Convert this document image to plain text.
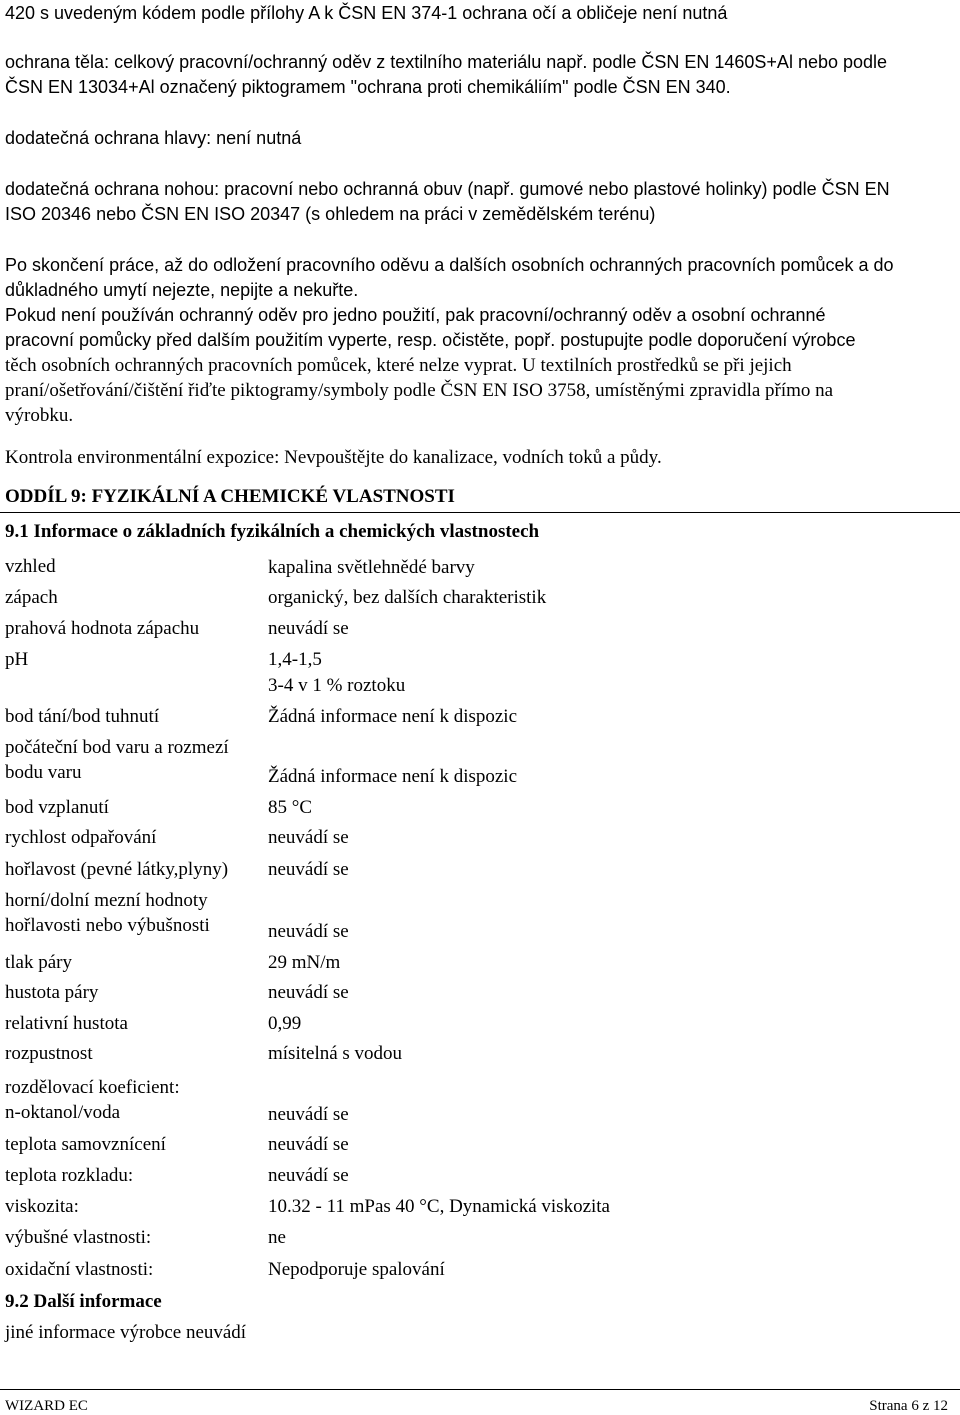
420 s uvedeným kódem podle přílohy A k ČSN EN 374-1 ochrana očí a obličeje není nutná
ochrana těla: celkový pracovní/ochranný oděv z textilního materiálu např. podle ČSN EN 1460S+Al nebo podle
ČSN EN 13034+Al označený piktogramem "ochrana proti chemikáliím" podle ČSN EN 340.
dodatečná ochrana hlavy: není nutná
dodatečná ochrana nohou: pracovní nebo ochranná obuv (např. gumové nebo plastové holinky) podle ČSN EN
ISO 20346 nebo ČSN EN ISO 20347 (s ohledem na práci v zemědělském terénu)
Po skončení práce, až do odložení pracovního oděvu a dalších osobních ochranných pracovních pomůcek a do
důkladného umytí nejezte, nepijte a nekuřte.
Pokud není používán ochranný oděv pro jedno použití, pak pracovní/ochranný oděv a osobní ochranné
pracovní pomůcky před dalším použitím vyperte, resp. očistěte, popř. postupujte podle doporučení výrobce
těch osobních ochranných pracovních pomůcek, které nelze vyprat. U textilních prostředků se při jejich
praní/ošetřování/čištění řiďte piktogramy/symboly podle ČSN EN ISO 3758, umístěnými zpravidla přímo na
výrobku.
Kontrola environmentální expozice: Nevpouštějte do kanalizace, vodních toků a půdy.
ODDÍL 9: FYZIKÁLNÍ A CHEMICKÉ VLASTNOSTI
9.1 Informace o základních fyzikálních a chemických vlastnostech
vzhled	kapalina světlehnědé barvy
zápach	organický, bez dalších charakteristik
prahová hodnota zápachu	neuvádí se
pH	1,4-1,5
3-4 v 1 % roztoku
bod tání/bod tuhnutí	Žádná informace není k dispozic
počáteční bod varu a rozmezí
bodu varu	Žádná informace není k dispozic
bod vzplanutí	85 °C
rychlost odpařování	neuvádí se
hořlavost (pevné látky,plyny) neuvádí se
horní/dolní mezní hodnoty
hořlavosti nebo výbušnosti	neuvádí se
tlak páry	29 mN/m
hustota páry	neuvádí se
relativní hustota	0,99
rozpustnost	mísitelná s vodou
rozdělovací koeficient:
n-oktanol/voda	neuvádí se
teplota samovznícení	neuvádí se
teplota rozkladu:	neuvádí se
viskozita:	10.32 - 11 mPas 40 °C, Dynamická viskozita
výbušné vlastnosti:	ne
oxidační vlastnosti:	Nepodporuje spalování
9.2 Další informace
jiné informace výrobce neuvádí
WIZARD EC	Strana 6 z 12
